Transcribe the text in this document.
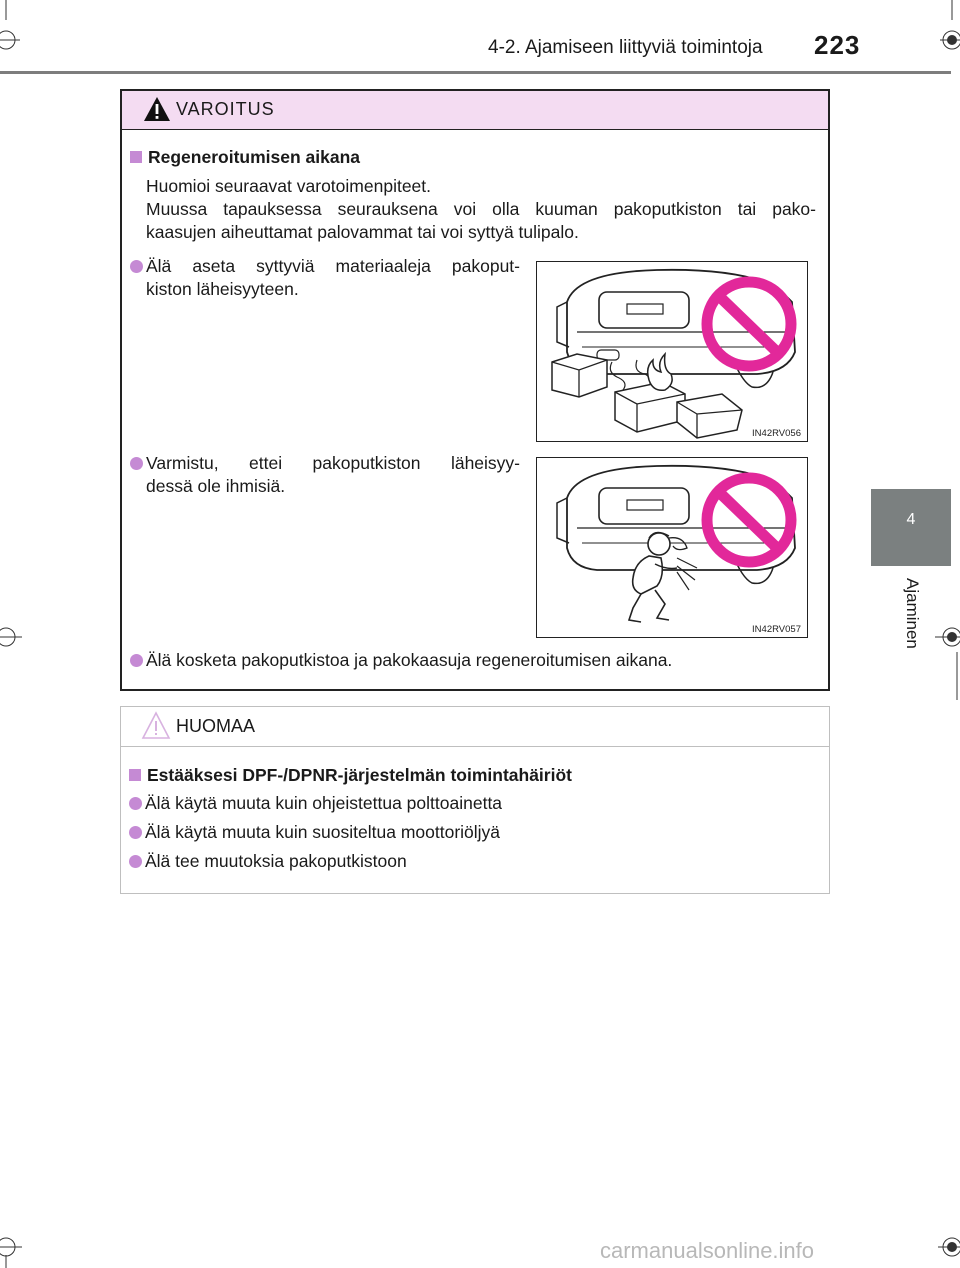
4-2. Ajamiseen liittyviä toimintoja 223
4
Ajaminen
VAROITUS
Regeneroitumisen aikana
Huomioi seuraavat varotoimenpiteet.
Muussa tapauksessa seurauksena voi olla kuuman pakoputkiston tai pako-
kaasujen aiheuttamat palovammat tai voi syttyä tulipalo.
Älä aseta syttyviä materiaaleja pakoput-
kiston läheisyyteen.
IN42RV056
Varmistu, ettei pakoputkiston läheisyy-
dessä ole ihmisiä.
IN42RV057
Älä kosketa pakoputkistoa ja pakokaasuja regeneroitumisen aikana.
HUOMAA
Estääksesi DPF-/DPNR-järjestelmän toimintahäiriöt
Älä käytä muuta kuin ohjeistettua polttoainetta
Älä käytä muuta kuin suositeltua moottoriöljyä
Älä tee muutoksia pakoputkistoon
carmanualsonline.info
